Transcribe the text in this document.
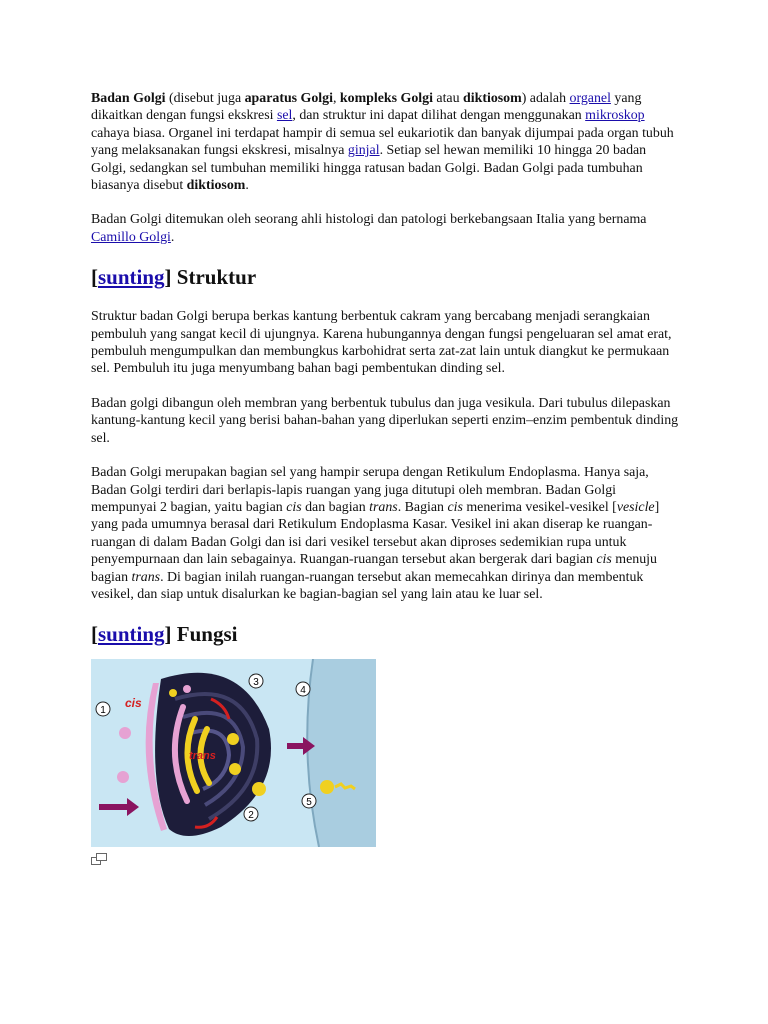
Badan Golgi (disebut juga aparatus Golgi, kompleks Golgi atau diktiosom) adalah organel yang dikaitkan dengan fungsi ekskresi sel, dan struktur ini dapat dilihat dengan menggunakan mikroskop cahaya biasa. Organel ini terdapat hampir di semua sel eukariotik dan banyak dijumpai pada organ tubuh yang melaksanakan fungsi ekskresi, misalnya ginjal. Setiap sel hewan memiliki 10 hingga 20 badan Golgi, sedangkan sel tumbuhan memiliki hingga ratusan badan Golgi. Badan Golgi pada tumbuhan biasanya disebut diktiosom.

Badan Golgi ditemukan oleh seorang ahli histologi dan patologi berkebangsaan Italia yang bernama Camillo Golgi.

[sunting] Struktur

Struktur badan Golgi berupa berkas kantung berbentuk cakram yang bercabang menjadi serangkaian pembuluh yang sangat kecil di ujungnya. Karena hubungannya dengan fungsi pengeluaran sel amat erat, pembuluh mengumpulkan dan membungkus karbohidrat serta zat-zat lain untuk diangkut ke permukaan sel. Pembuluh itu juga menyumbang bahan bagi pembentukan dinding sel.

Badan golgi dibangun oleh membran yang berbentuk tubulus dan juga vesikula. Dari tubulus dilepaskan kantung-kantung kecil yang berisi bahan-bahan yang diperlukan seperti enzim–enzim pembentuk dinding sel.

Badan Golgi merupakan bagian sel yang hampir serupa dengan Retikulum Endoplasma. Hanya saja, Badan Golgi terdiri dari berlapis-lapis ruangan yang juga ditutupi oleh membran. Badan Golgi mempunyai 2 bagian, yaitu bagian cis dan bagian trans. Bagian cis menerima vesikel-vesikel [vesicle] yang pada umumnya berasal dari Retikulum Endoplasma Kasar. Vesikel ini akan diserap ke ruangan-ruangan di dalam Badan Golgi dan isi dari vesikel tersebut akan diproses sedemikian rupa untuk penyempurnaan dan lain sebagainya. Ruangan-ruangan tersebut akan bergerak dari bagian cis menuju bagian trans. Di bagian inilah ruangan-ruangan tersebut akan memecahkan dirinya dan membentuk vesikel, dan siap untuk disalurkan ke bagian-bagian sel yang lain atau ke luar sel.

[sunting] Fungsi
cis
trans
1
2
3
4
5
